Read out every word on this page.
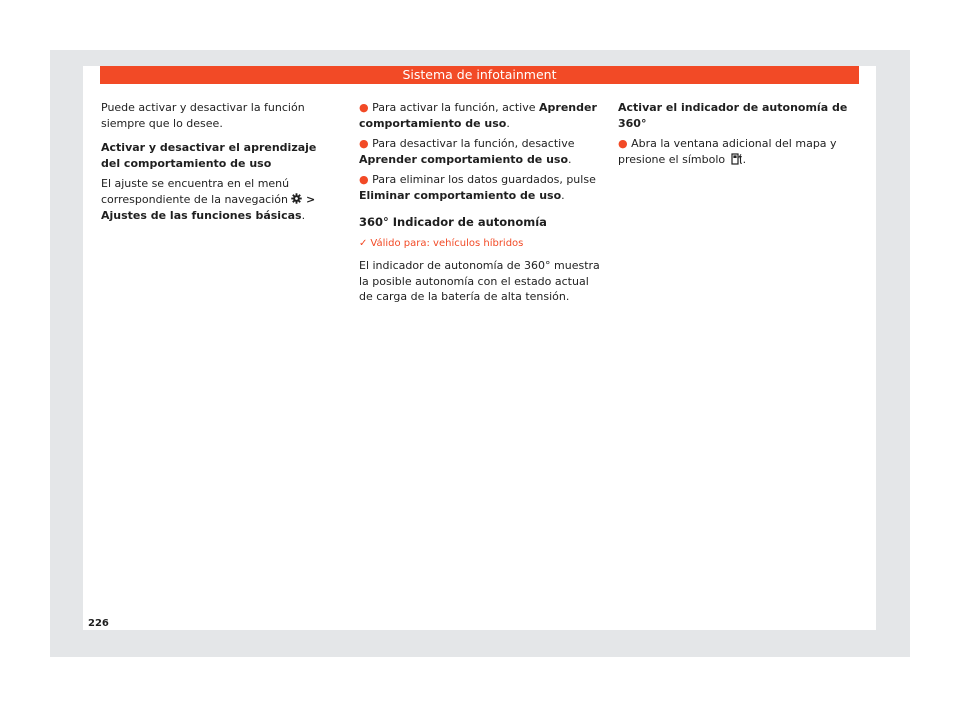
Sistema de infotainment

Puede activar y desactivar la función siempre que lo desee.

Activar y desactivar el aprendizaje del comportamiento de uso

El ajuste se encuentra en el menú correspondiente de la navegación > Ajustes de las funciones básicas.

● Para activar la función, active Aprender comportamiento de uso.

● Para desactivar la función, desactive Aprender comportamiento de uso.

● Para eliminar los datos guardados, pulse Eliminar comportamiento de uso.

360° Indicador de autonomía

✓ Válido para: vehículos híbridos

El indicador de autonomía de 360° muestra la posible autonomía con el estado actual de carga de la batería de alta tensión.

Activar el indicador de autonomía de 360°

● Abra la ventana adicional del mapa y presione el símbolo .

226
